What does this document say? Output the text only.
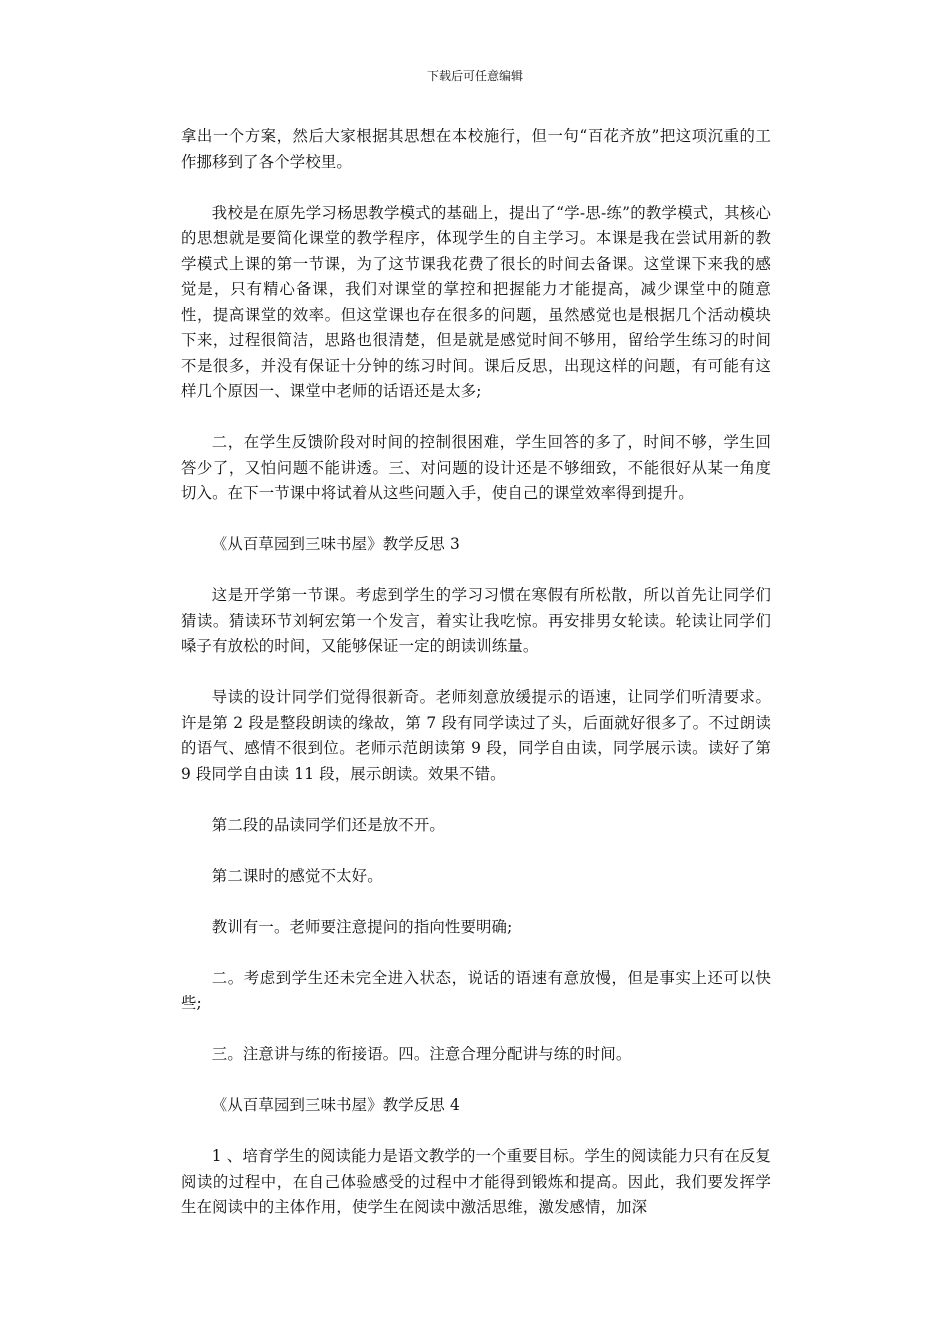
下载后可任意编辑

拿出一个方案，然后大家根据其思想在本校施行，但一句“百花齐放”把这项沉重的工作挪移到了各个学校里。

我校是在原先学习杨思教学模式的基础上，提出了“学-思-练”的教学模式，其核心的思想就是要简化课堂的教学程序，体现学生的自主学习。本课是我在尝试用新的教学模式上课的第一节课，为了这节课我花费了很长的时间去备课。这堂课下来我的感觉是，只有精心备课，我们对课堂的掌控和把握能力才能提高，减少课堂中的随意性，提高课堂的效率。但这堂课也存在很多的问题，虽然感觉也是根据几个活动模块下来，过程很简洁，思路也很清楚，但是就是感觉时间不够用，留给学生练习的时间不是很多，并没有保证十分钟的练习时间。课后反思，出现这样的问题，有可能有这样几个原因一、课堂中老师的话语还是太多;

二，在学生反馈阶段对时间的控制很困难，学生回答的多了，时间不够，学生回答少了，又怕问题不能讲透。三、对问题的设计还是不够细致，不能很好从某一角度切入。在下一节课中将试着从这些问题入手，使自己的课堂效率得到提升。

《从百草园到三味书屋》教学反思 3

这是开学第一节课。考虑到学生的学习习惯在寒假有所松散，所以首先让同学们猜读。猜读环节刘轲宏第一个发言，着实让我吃惊。再安排男女轮读。轮读让同学们嗓子有放松的时间，又能够保证一定的朗读训练量。

导读的设计同学们觉得很新奇。老师刻意放缓提示的语速，让同学们听清要求。许是第 2 段是整段朗读的缘故，第 7 段有同学读过了头，后面就好很多了。不过朗读的语气、感情不很到位。老师示范朗读第 9 段，同学自由读，同学展示读。读好了第 9 段同学自由读 11 段，展示朗读。效果不错。

第二段的品读同学们还是放不开。

第二课时的感觉不太好。

教训有一。老师要注意提问的指向性要明确;

二。考虑到学生还未完全进入状态，说话的语速有意放慢，但是事实上还可以快些;

三。注意讲与练的衔接语。四。注意合理分配讲与练的时间。

《从百草园到三味书屋》教学反思 4

1 、培育学生的阅读能力是语文教学的一个重要目标。学生的阅读能力只有在反复阅读的过程中，在自己体验感受的过程中才能得到锻炼和提高。因此，我们要发挥学生在阅读中的主体作用，使学生在阅读中激活思维，激发感情，加深
